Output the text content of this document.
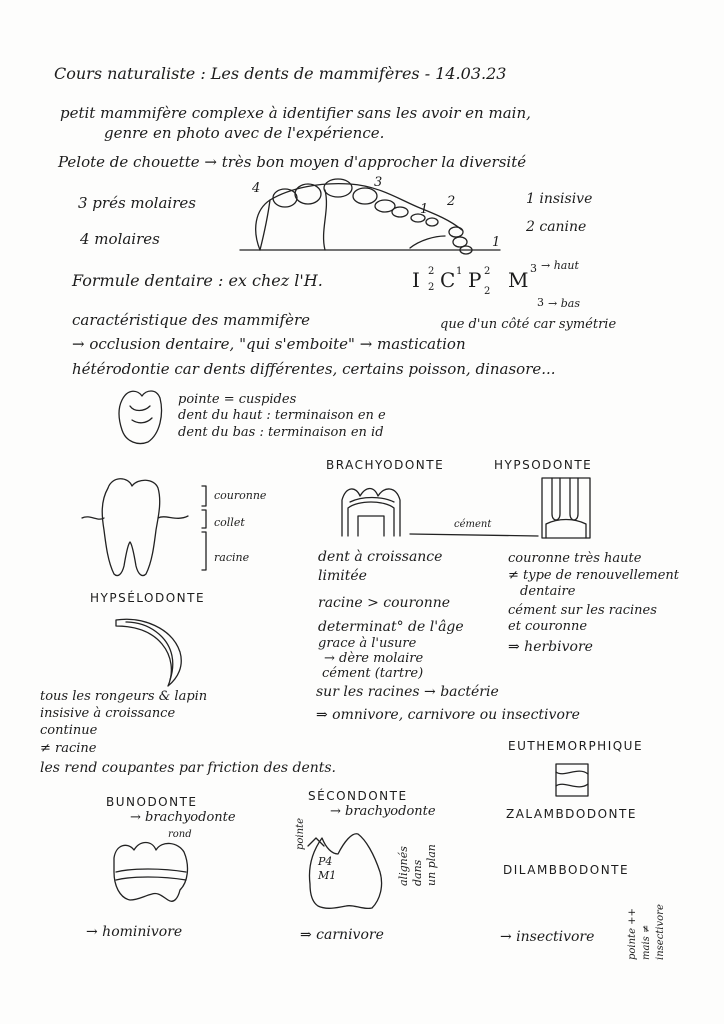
Cours naturaliste : Les dents de mammifères - 14.03.23
petit mammifère complexe à identifier sans les avoir en main,
genre en photo avec de l'expérience.
Pelote de chouette → très bon moyen d'approcher la diversité
4	3
2
1
1
3 prés molaires
4 molaires
1 insisive
2 canine
Formule dentaire : ex chez l'H.	I 2
2 C 1 P 2
2 M 3
3
→ haut
→ bas
caractéristique des mammifère	que d'un côté car symétrie
→ occlusion dentaire, "qui s'emboite" → mastication
hétérodontie car dents différentes, certains poisson, dinasore...
pointe = cuspides
dent du haut : terminaison en e
dent du bas : terminaison en id
couronne
collet
racine
BRACHYODONTE	HYPSODONTE
cément
dent à croissance
limitée
racine > couronne
determinat° de l'âge
grace à l'usure
→ dère molaire
cément (tartre)
sur les racines → bactérie
⇒ omnivore, carnivore ou insectivore
couronne très haute
≠ type de renouvellement
dentaire
cément sur les racines
et couronne
⇒ herbivore
HYPSÉLODONTE
tous les rongeurs & lapin
insisive à croissance
continue
≠ racine
les rend coupantes par friction des dents.
EUTHEMORPHIQUE
ZALAMBDODONTE
DILAMBBODONTE
→ insectivore	pointe ++ mais ≠ insectivore
BUNODONTE
→ brachyodonte
rond
→ hominivore
SÉCONDONTE
→ brachyodonte
pointe
P4
M1	alignés dans un plan
⇒ carnivore
